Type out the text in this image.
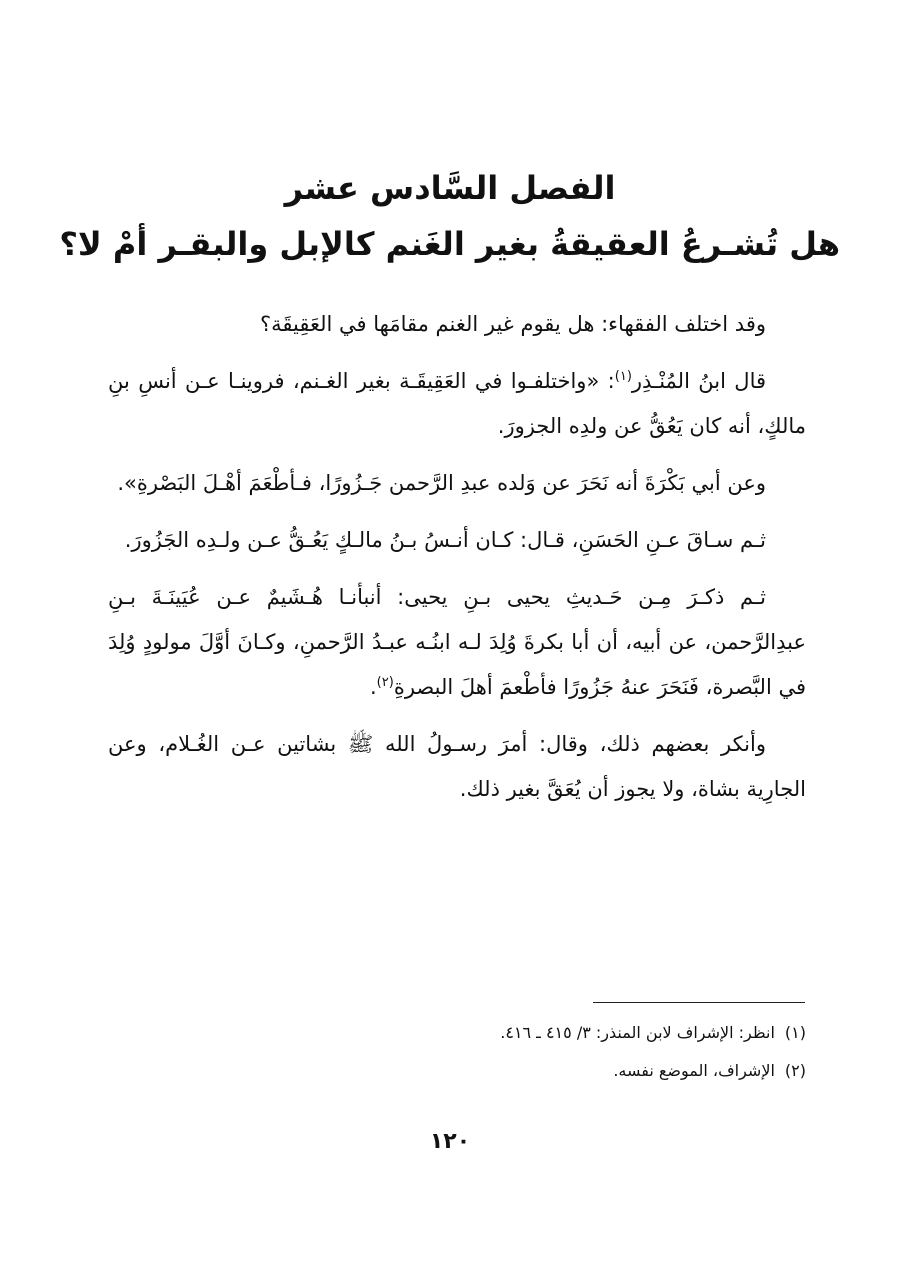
الفصل السَّادس عشر
هل تُشـرعُ العقيقةُ بغير الغَنم كالإبل والبقـر أمْ لا؟

وقد اختلف الفقهاء: هل يقوم غير الغنم مقامَها في العَقِيقَة؟

قال ابنُ المُنْـذِر$^{(١)}$: «واختلفـوا في العَقِيقَـة بغير الغـنم، فروينـا عـن أنسِ بنِ مالكٍ، أنه كان يَعُقُّ عن ولدِه الجزورَ.

وعن أبي بَكْرَةَ أنه نَحَرَ عن وَلده عبدِ الرَّحمن جَـزُورًا، فـأطْعَمَ أهْـلَ البَصْرةِ».

ثـم سـاقَ عـنِ الحَسَنِ، قـال: كـان أنـسُ بـنُ مالـكٍ يَعُـقُّ عـن ولـدِه الجَزُورَ.

ثـم ذكـرَ مِـن حَـديثِ يحيى بـنِ يحيى: أنبأنـا هُـشَيمٌ عـن عُيَينَـةَ بـنِ عبدِالرَّحمن، عن أبيه، أن أبا بكرةَ وُلِدَ لـه ابنُـه عبـدُ الرَّحمنِ، وكـانَ أوَّلَ مولودٍ وُلِدَ في البَّصرة، فَنَحَرَ عنهُ جَزُورًا فأطْعمَ أهلَ البصرةِ$^{(٢)}$.

وأنكر بعضهم ذلك، وقال: أمرَ رسـولُ الله ﷺ بشاتين عـن الغُـلام، وعن الجارِية بشاة، ولا يجوز أن يُعَقَّ بغير ذلك.

(١)انظر: الإشراف لابن المنذر: ٣/ ٤١٥ ـ ٤١٦.
(٢)الإشراف، الموضع نفسه.
١٢٠
